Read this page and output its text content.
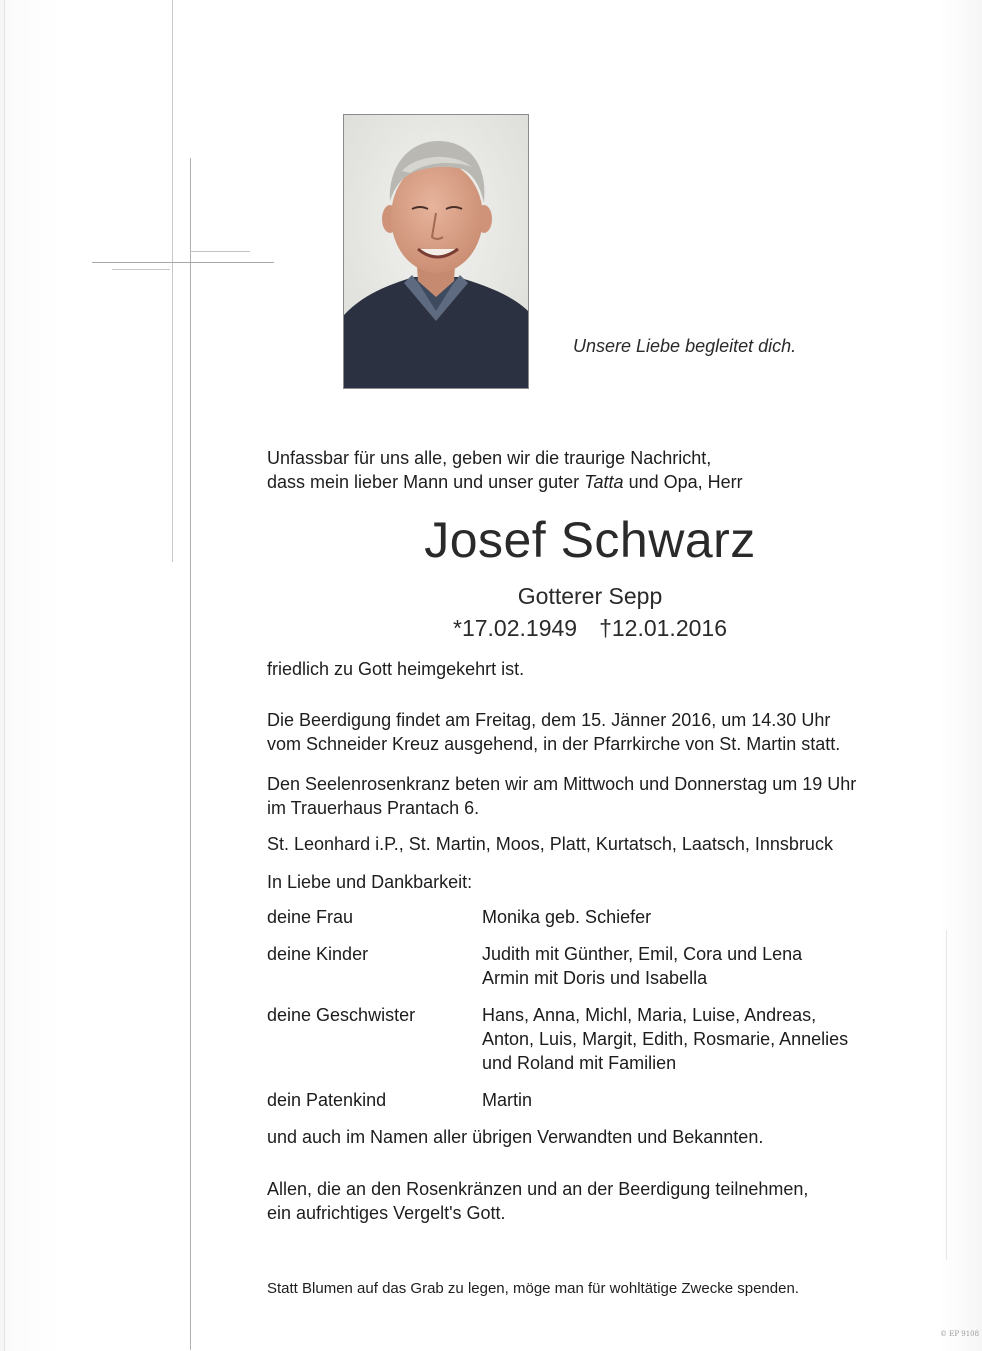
Unsere Liebe begleitet dich.
Unfassbar für uns alle, geben wir die traurige Nachricht,
dass mein lieber Mann und unser guter Tatta und Opa, Herr
Josef Schwarz
Gotterer Sepp
*17.02.1949 †12.01.2016
friedlich zu Gott heimgekehrt ist.
Die Beerdigung findet am Freitag, dem 15. Jänner 2016, um 14.30 Uhr
vom Schneider Kreuz ausgehend, in der Pfarrkirche von St. Martin statt.
Den Seelenrosenkranz beten wir am Mittwoch und Donnerstag um 19 Uhr
im Trauerhaus Prantach 6.
St. Leonhard i.P., St. Martin, Moos, Platt, Kurtatsch, Laatsch, Innsbruck
In Liebe und Dankbarkeit:
deine Frau	Monika geb. Schiefer
deine Kinder	Judith mit Günther, Emil, Cora und Lena
Armin mit Doris und Isabella
deine Geschwister	Hans, Anna, Michl, Maria, Luise, Andreas,
Anton, Luis, Margit, Edith, Rosmarie, Annelies
und Roland mit Familien
dein Patenkind	Martin
und auch im Namen aller übrigen Verwandten und Bekannten.
Allen, die an den Rosenkränzen und an der Beerdigung teilnehmen,
ein aufrichtiges Vergelt's Gott.
Statt Blumen auf das Grab zu legen, möge man für wohltätige Zwecke spenden.
© EP 9108
